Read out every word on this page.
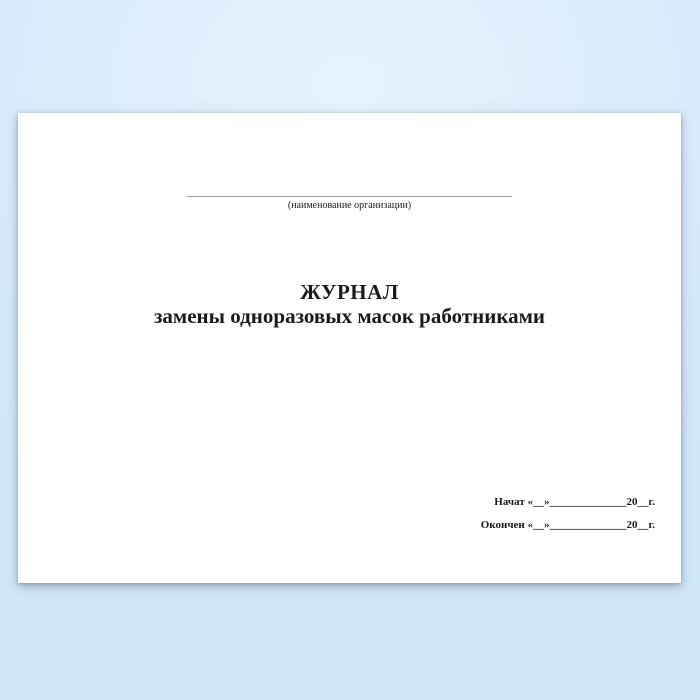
_________________________________________________________________
(наименование организации)
ЖУРНАЛ
замены одноразовых масок работниками
Начат «__»______________20__г.
Окончен «__»______________20__г.
